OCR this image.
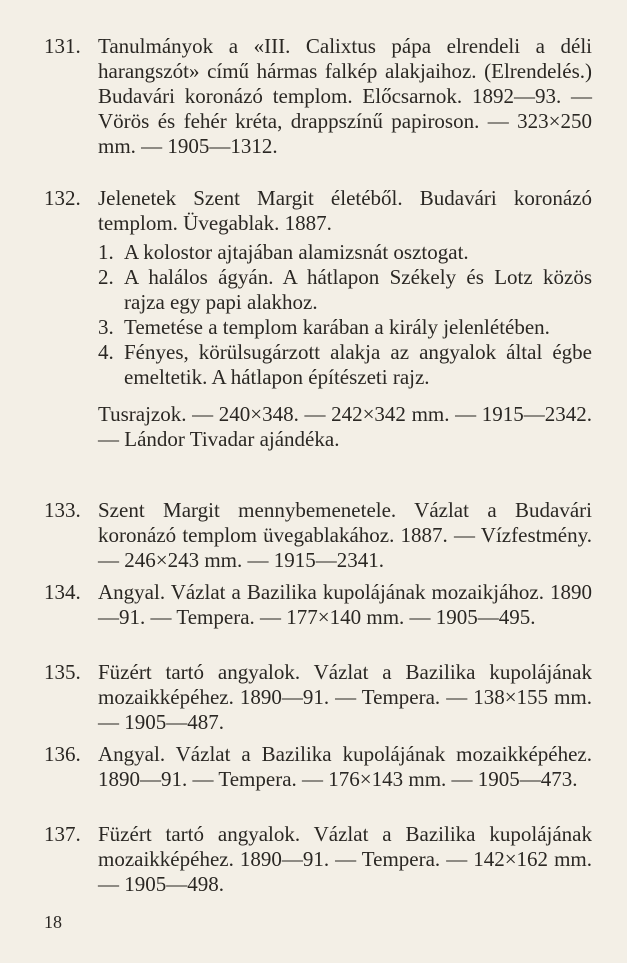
131. Tanulmányok a «III. Calixtus pápa elrendeli a déli harangszót» című hármas falkép alakjaihoz. (Elrendelés.) Budavári koronázó templom. Előcsarnok. 1892—93. — Vörös és fehér kréta, drappszínű papiroson. — 323×250 mm. — 1905—1312.

132. Jelenetek Szent Margit életéből. Budavári koronázó templom. Üvegablak. 1887.

1. A kolostor ajtajában alamizsnát osztogat.
2. A halálos ágyán. A hátlapon Székely és Lotz közös rajza egy papi alakhoz.
3. Temetése a templom karában a király jelenlétében.
4. Fényes, körülsugárzott alakja az angyalok által égbe emeltetik. A hátlapon építészeti rajz.

Tusrajzok. — 240×348. — 242×342 mm. — 1915—2342. — Lándor Tivadar ajándéka.

133. Szent Margit mennybemenetele. Vázlat a Budavári koronázó templom üvegablakához. 1887. — Vízfestmény. — 246×243 mm. — 1915—2341.

134. Angyal. Vázlat a Bazilika kupolájának mozaikjához. 1890—91. — Tempera. — 177×140 mm. — 1905—495.

135. Füzért tartó angyalok. Vázlat a Bazilika kupolájának mozaikképéhez. 1890—91. — Tempera. — 138×155 mm. — 1905—487.

136. Angyal. Vázlat a Bazilika kupolájának mozaikképéhez. 1890—91. — Tempera. — 176×143 mm. — 1905—473.

137. Füzért tartó angyalok. Vázlat a Bazilika kupolájának mozaikképéhez. 1890—91. — Tempera. — 142×162 mm. — 1905—498.

18
